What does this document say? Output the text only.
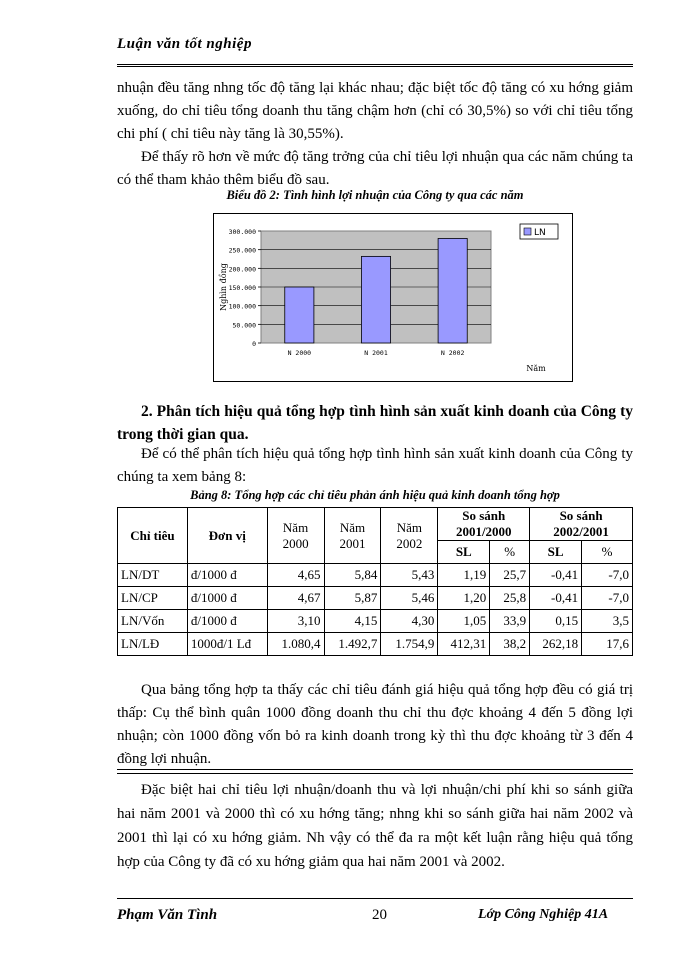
Luận văn tốt nghiệp

nhuận đều tăng nhng tốc độ tăng lại khác nhau; đặc biệt tốc độ tăng có xu hớng giảm xuống, do chỉ tiêu tổng doanh thu tăng chậm hơn (chỉ có 30,5%) so với chỉ tiêu tổng chi phí ( chỉ tiêu này tăng là 30,55%).

Để thấy rõ hơn về mức độ tăng trởng của chỉ tiêu lợi nhuận qua các năm chúng ta có thể tham khảo thêm biểu đồ sau.

Biểu đồ 2: Tình hình lợi nhuận của Công ty qua các năm
0
50.000
100.000
150.000
200.000
250.000
300.000
Nghìn đồng
N 2000	N 2001	N 2002
Năm
LN

2. Phân tích hiệu quả tổng hợp tình hình sản xuất kinh doanh của Công ty trong thời gian qua.

Để có thể phân tích hiệu quả tổng hợp tình hình sản xuất kinh doanh của Công ty chúng ta xem bảng 8:

Bảng 8: Tổng hợp các chỉ tiêu phản ánh hiệu quả kinh doanh tổng hợp
Chỉ tiêu	Đơn vị	Năm 2000	Năm 2001	Năm 2002	So sánh 2001/2000		So sánh 2002/2001	
					SL	%	SL	%
LN/DT	đ/1000 đ	4,65	5,84	5,43	1,19	25,7	-0,41	-7,0
LN/CP	đ/1000 đ	4,67	5,87	5,46	1,20	25,8	-0,41	-7,0
LN/Vốn	đ/1000 đ	3,10	4,15	4,30	1,05	33,9	0,15	3,5
LN/LĐ	1000đ/1 Lđ	1.080,4	1.492,7	1.754,9	412,31	38,2	262,18	17,6

Qua bảng tổng hợp ta thấy các chỉ tiêu đánh giá hiệu quả tổng hợp đều có giá trị thấp: Cụ thể bình quân 1000 đồng doanh thu chỉ thu đợc khoảng 4 đến 5 đồng lợi nhuận; còn 1000 đồng vốn bỏ ra kinh doanh trong kỳ thì thu đợc khoảng từ 3 đến 4 đồng lợi nhuận.

Đặc biệt hai chỉ tiêu lợi nhuận/doanh thu và lợi nhuận/chi phí khi so sánh giữa hai năm 2001 và 2000 thì có xu hớng tăng; nhng khi so sánh giữa hai năm 2002 và 2001 thì lại có xu hớng giảm. Nh vậy có thể đa ra một kết luận rằng hiệu quả tổng hợp của Công ty đã có xu hớng giảm qua hai năm 2001 và 2002.

Phạm Văn Tình	20	Lớp Công Nghiệp 41A
